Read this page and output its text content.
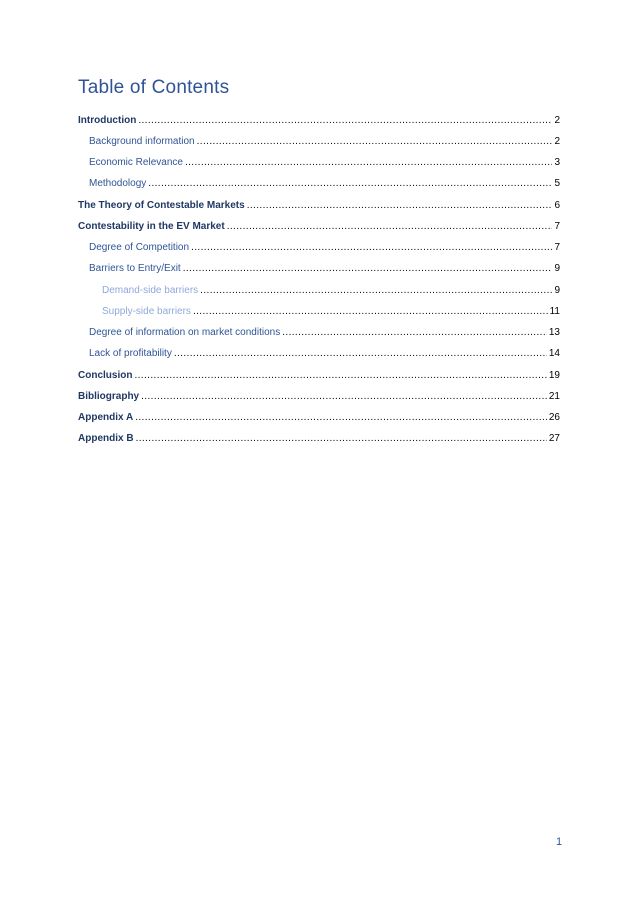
Table of Contents
Introduction .....	2
Background information .....	2
Economic Relevance .....	3
Methodology .....	5
The Theory of Contestable Markets .....	6
Contestability in the EV Market .....	7
Degree of Competition .....	7
Barriers to Entry/Exit .....	9
Demand-side barriers .....	9
Supply-side barriers .....	11
Degree of information on market conditions .....	13
Lack of profitability .....	14
Conclusion .....	19
Bibliography .....	21
Appendix A .....	26
Appendix B .....	27
1
